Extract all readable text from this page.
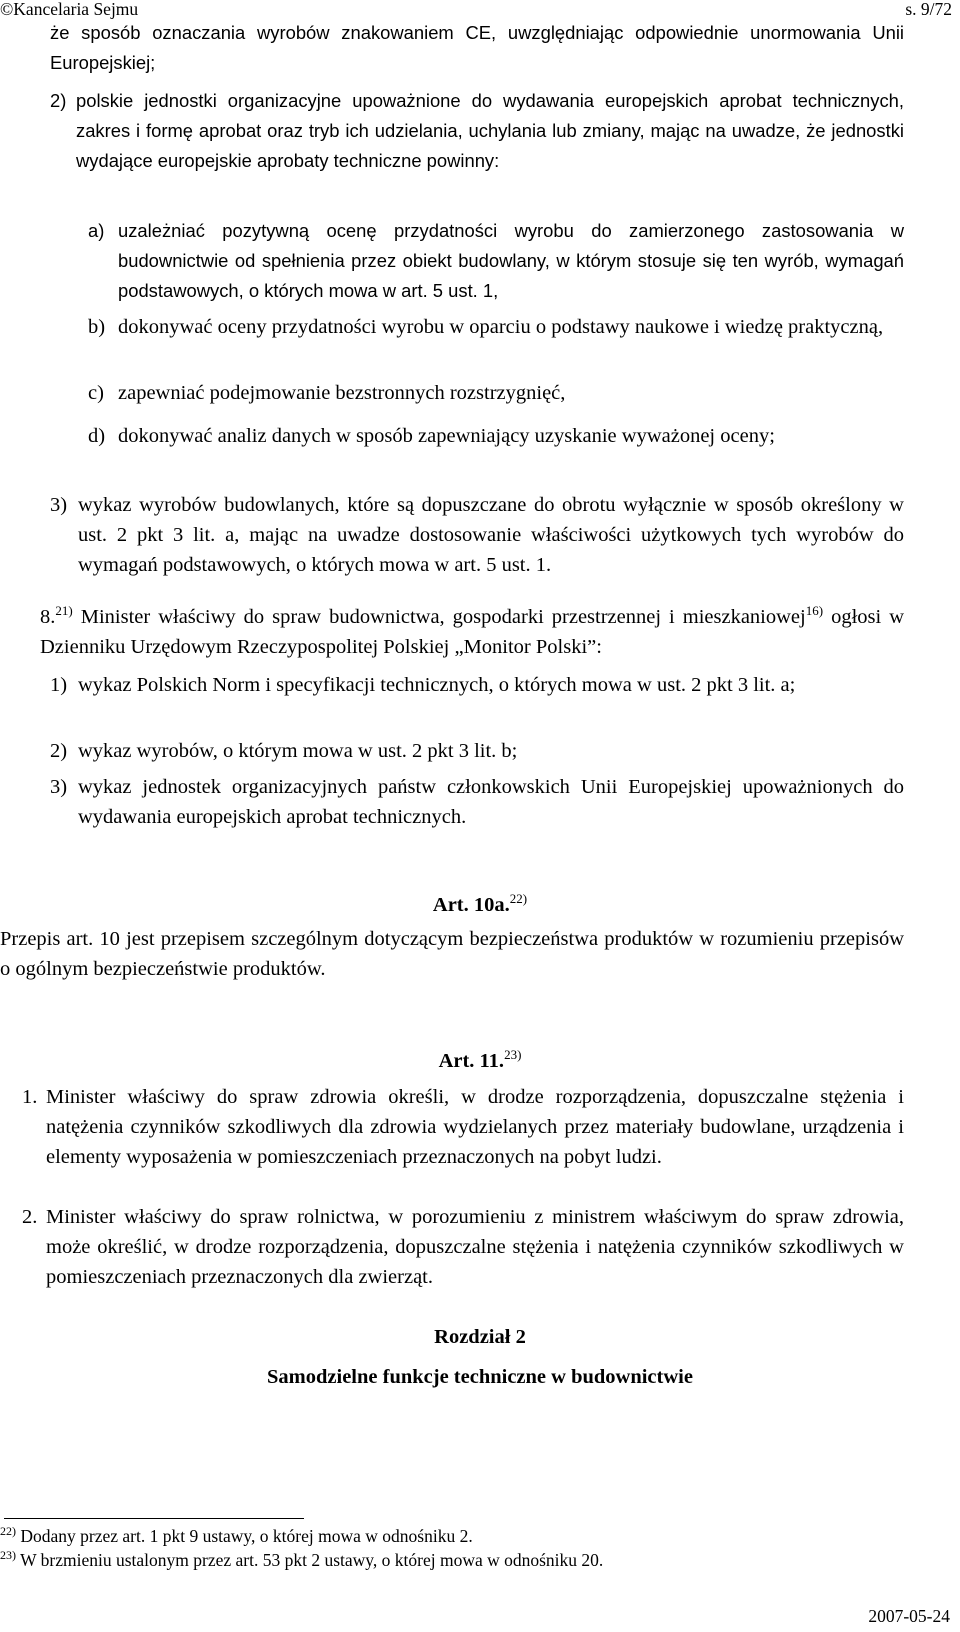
©Kancelaria Sejmu	s. 9/72
że sposób oznaczania wyrobów znakowaniem CE, uwzględniając odpowiednie unormowania Unii Europejskiej;
2) polskie jednostki organizacyjne upoważnione do wydawania europejskich aprobat technicznych, zakres i formę aprobat oraz tryb ich udzielania, uchylania lub zmiany, mając na uwadze, że jednostki wydające europejskie aprobaty techniczne powinny:
a) uzależniać pozytywną ocenę przydatności wyrobu do zamierzonego zastosowania w budownictwie od spełnienia przez obiekt budowlany, w którym stosuje się ten wyrób, wymagań podstawowych, o których mowa w art. 5 ust. 1,
b) dokonywać oceny przydatności wyrobu w oparciu o podstawy naukowe i wiedzę praktyczną,
c) zapewniać podejmowanie bezstronnych rozstrzygnięć,
d) dokonywać analiz danych w sposób zapewniający uzyskanie wyważonej oceny;
3) wykaz wyrobów budowlanych, które są dopuszczane do obrotu wyłącznie w sposób określony w ust. 2 pkt 3 lit. a, mając na uwadze dostosowanie właściwości użytkowych tych wyrobów do wymagań podstawowych, o których mowa w art. 5 ust. 1.
8.$^{21)}$ Minister właściwy do spraw budownictwa, gospodarki przestrzennej i mieszkaniowej$^{16)}$ ogłosi w Dzienniku Urzędowym Rzeczypospolitej Polskiej „Monitor Polski”:
1) wykaz Polskich Norm i specyfikacji technicznych, o których mowa w ust. 2 pkt 3 lit. a;
2) wykaz wyrobów, o którym mowa w ust. 2 pkt 3 lit. b;
3) wykaz jednostek organizacyjnych państw członkowskich Unii Europejskiej upoważnionych do wydawania europejskich aprobat technicznych.
Art. 10a.$^{22)}$
Przepis art. 10 jest przepisem szczególnym dotyczącym bezpieczeństwa produktów w rozumieniu przepisów o ogólnym bezpieczeństwie produktów.
Art. 11.$^{23)}$
1. Minister właściwy do spraw zdrowia określi, w drodze rozporządzenia, dopuszczalne stężenia i natężenia czynników szkodliwych dla zdrowia wydzielanych przez materiały budowlane, urządzenia i elementy wyposażenia w pomieszczeniach przeznaczonych na pobyt ludzi.
2. Minister właściwy do spraw rolnictwa, w porozumieniu z ministrem właściwym do spraw zdrowia, może określić, w drodze rozporządzenia, dopuszczalne stężenia i natężenia czynników szkodliwych w pomieszczeniach przeznaczonych dla zwierząt.
Rozdział 2
Samodzielne funkcje techniczne w budownictwie
$^{22)}$ Dodany przez art. 1 pkt 9 ustawy, o której mowa w odnośniku 2.
$^{23)}$ W brzmieniu ustalonym przez art. 53 pkt 2 ustawy, o której mowa w odnośniku 20.
2007-05-24
